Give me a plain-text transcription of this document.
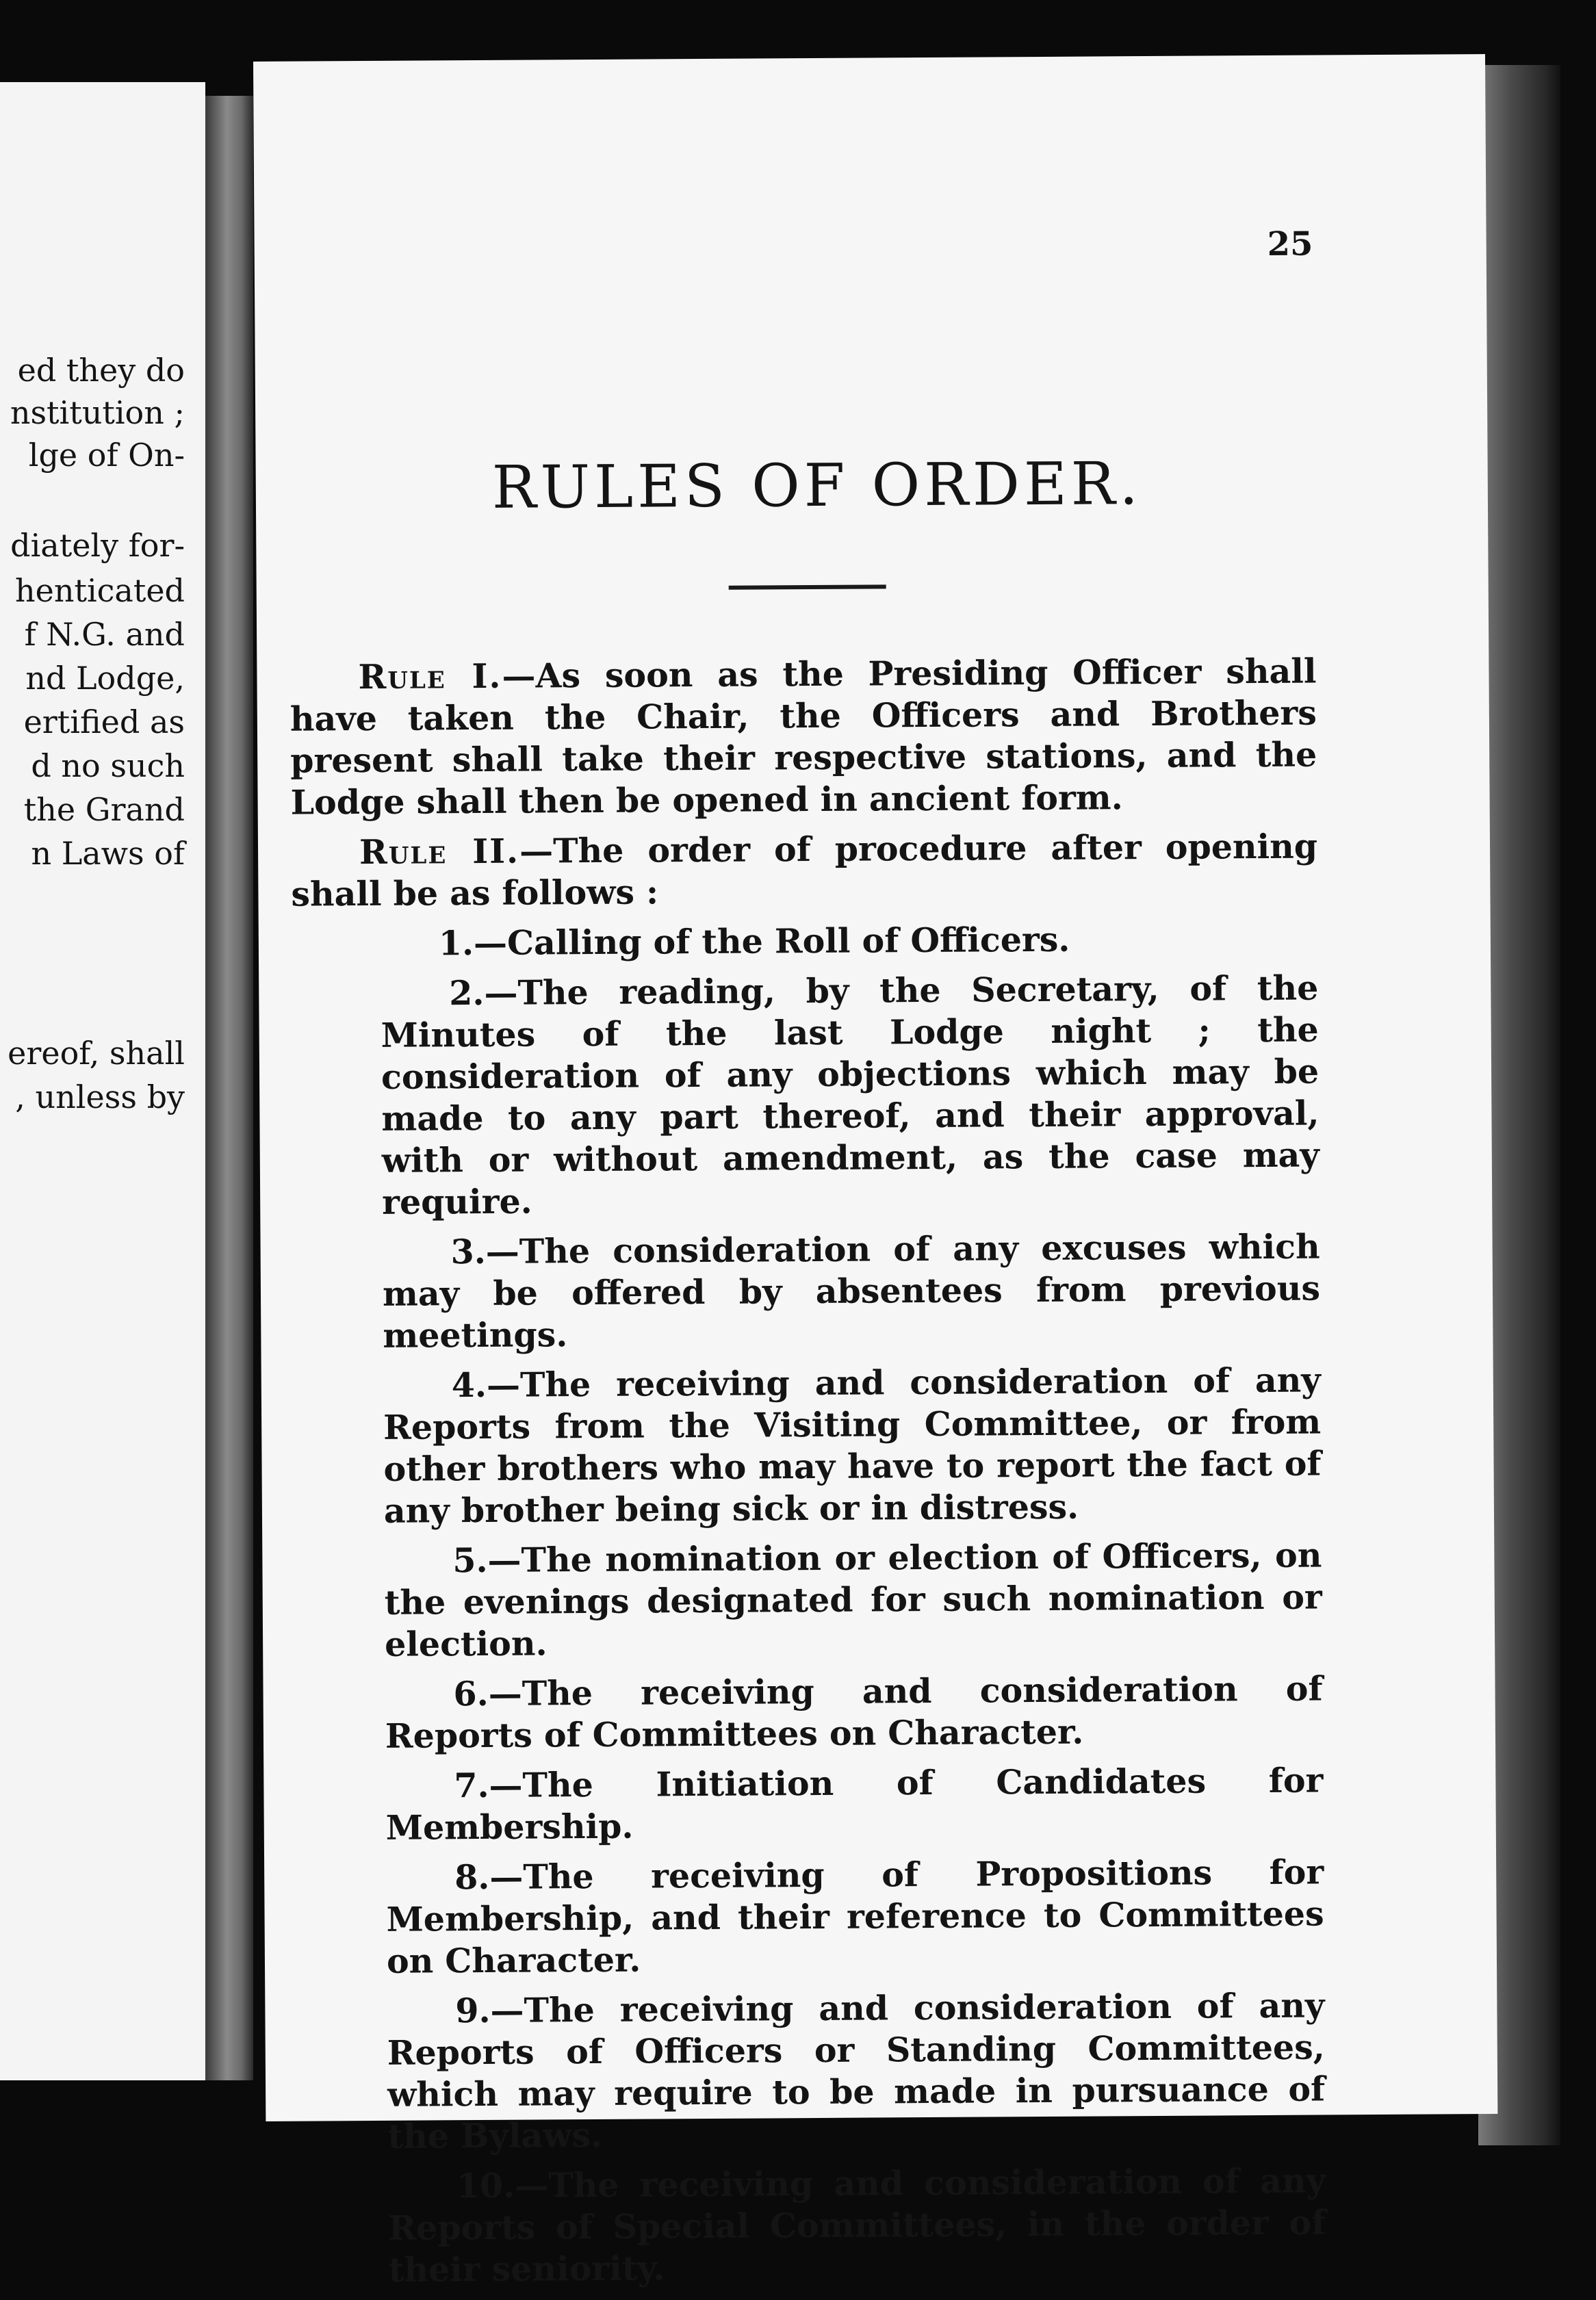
ed they do
nstitution ;
lge of On-
diately for-
henticated
f N.G. and
nd Lodge,
ertified as
d no such
the Grand
n Laws of
ereof, shall
, unless by
25
RULES OF ORDER.

Rule I.—As soon as the Presiding Officer shall have taken the Chair, the Officers and Brothers present shall take their respective stations, and the Lodge shall then be opened in ancient form.

Rule II.—The order of procedure after opening shall be as follows :

1.—Calling of the Roll of Officers.

2.—The reading, by the Secretary, of the Minutes of the last Lodge night ; the consideration of any objections which may be made to any part thereof, and their approval, with or without amendment, as the case may require.

3.—The consideration of any excuses which may be offered by absentees from previous meetings.

4.—The receiving and consideration of any Reports from the Visiting Committee, or from other brothers who may have to report the fact of any brother being sick or in distress.

5.—The nomination or election of Officers, on the evenings designated for such nomination or election.

6.—The receiving and consideration of Reports of Committees on Character.

7.—The Initiation of Candidates for Membership.

8.—The receiving of Propositions for Membership, and their reference to Committees on Character.

9.—The receiving and consideration of any Reports of Officers or Standing Committees, which may require to be made in pursuance of the Bylaws.

10.—The receiving and consideration of any Reports of Special Committees, in the order of their seniority.
